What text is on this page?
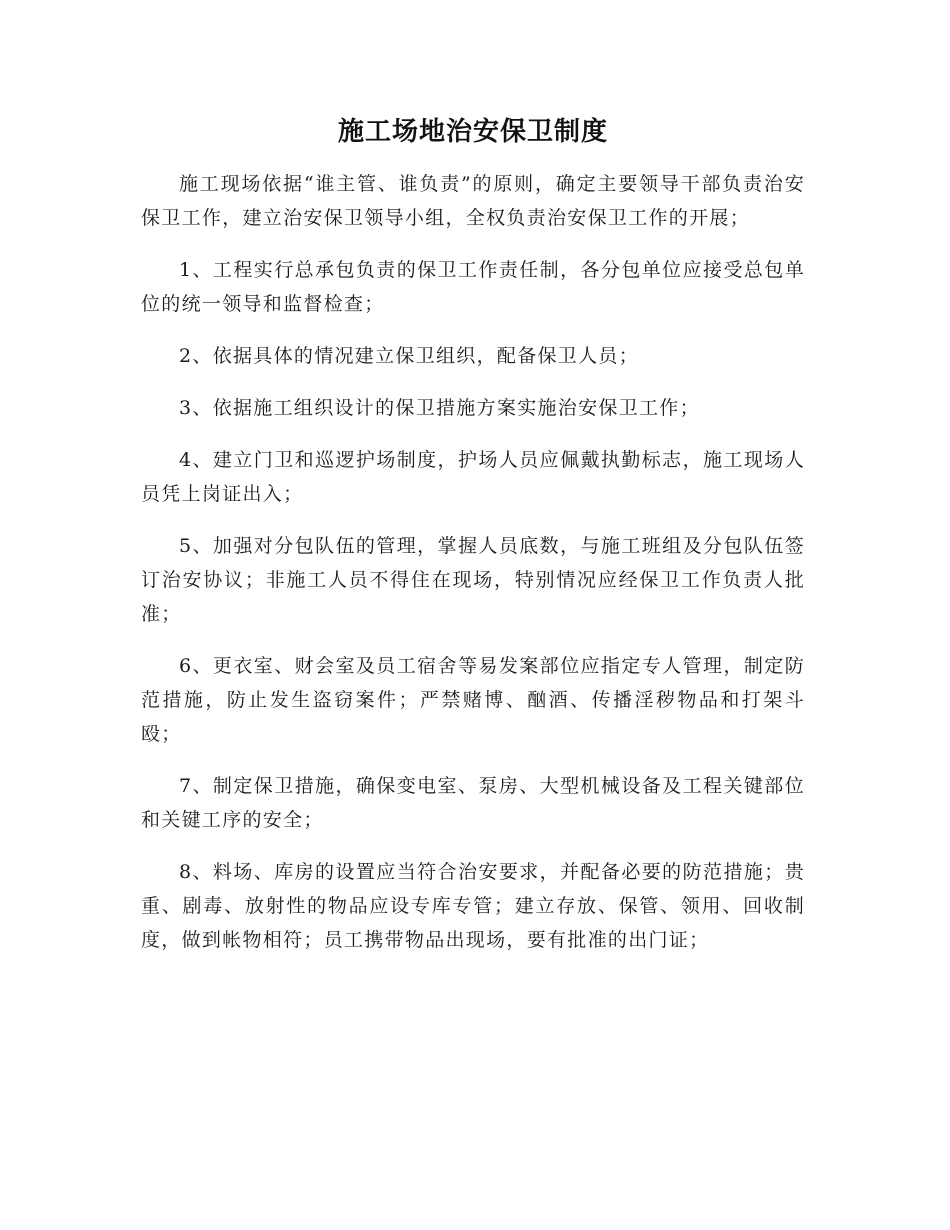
施工场地治安保卫制度

施工现场依据“谁主管、谁负责”的原则，确定主要领导干部负责治安保卫工作，建立治安保卫领导小组，全权负责治安保卫工作的开展；

1、工程实行总承包负责的保卫工作责任制，各分包单位应接受总包单位的统一领导和监督检查；

2、依据具体的情况建立保卫组织，配备保卫人员；

3、依据施工组织设计的保卫措施方案实施治安保卫工作；

4、建立门卫和巡逻护场制度，护场人员应佩戴执勤标志，施工现场人员凭上岗证出入；

5、加强对分包队伍的管理，掌握人员底数，与施工班组及分包队伍签订治安协议；非施工人员不得住在现场，特别情况应经保卫工作负责人批准；

6、更衣室、财会室及员工宿舍等易发案部位应指定专人管理，制定防范措施，防止发生盗窃案件；严禁赌博、酗酒、传播淫秽物品和打架斗殴；

7、制定保卫措施，确保变电室、泵房、大型机械设备及工程关键部位和关键工序的安全；

8、料场、库房的设置应当符合治安要求，并配备必要的防范措施；贵重、剧毒、放射性的物品应设专库专管；建立存放、保管、领用、回收制度，做到帐物相符；员工携带物品出现场，要有批准的出门证；
